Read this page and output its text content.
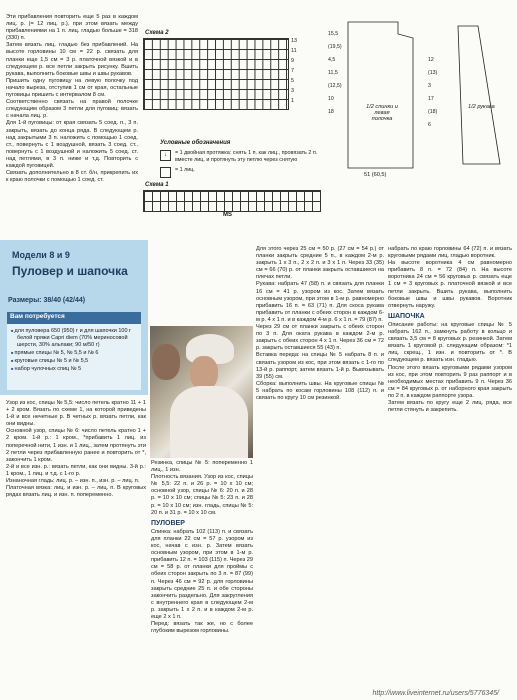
Эти прибавления повторить еще 5 раз в каждом лиц. р. (= 12 лиц. р.), при этом вязать между прибавлениями на 1 п. лиц. гладью больше = 318 (330) п.

Затем вязать лиц. гладью без прибавлений. На высоте горловины 10 см = 22 р. связать для планки еще 1,5 см = 3 р. платочной вязкой и в следующем р. все петли закрыть рисунку. Вшить рукава, выполнить боковые швы и швы рукавов.

Пришить одну пуговицу на левую полочку под начало выреза, отступив 1 см от края, остальные пуговицы пришить с интервалом 8 см.

Соответственно связать на правой полочке следующим образом 3 петли для пуговиц: вязать с начала лиц. р.

Для 1-й пуговицы: от края связать 5 соед. п., 3 п. закрыть, вязать до конца ряда. В следующем р. над закрытыми 3 п. наложить с помощью 1 соед. ст., повернуть с 1 воздушной, вязать 3 соед. ст., повернуть с 1 воздушной и наложить 5 соед. ст. над петлями, в 3 п. ниже и т.д. Повторить с каждой пуговицей.

Связать дополнительно в 8 ст. б/н, прикрепить их к краю полочки с помощью 1 соед. ст.

Схема 2
13
11
9
7
5
3
1
Условные обозначения
↓	= 1 двойная протяжка: снять 1 п. как лиц., провязать 2 п. вместе лиц. и протянуть эту петлю через снятую
= 1 лиц.
1/2 спинки и левая полочка
1/2 рукава
51 (60,5)
15,5
(19,5)
4,5
11,5
(12,5)
10
18
12
(13)
3
17
(18)
6
Схема 1
MS
Модели 8 и 9
Пуловер и шапочка
Размеры: 38/40 (42/44)
■ для пуловера 650 (950) г и для шапочки 100 г белой пряжи Capri diem (70% мериносовой шерсти, 30% альпаки; 90 м/50 г)
■ прямые спицы № 5, № 5,5 и № 6
■ круговые спицы № 5 и № 5,5
■ набор чулочных спиц № 5
Вам потребуется

Узор из кос, спицы № 5,5: число петель кратно 11 + 1 + 2 кром. Вязать по схеме 1, на которой приведены 1-й и все нечетные р. В четных р. вязать петли, как они видны.

Основной узор, спицы № 6: число петель кратно 1 + 2 кром. 1-й р.: 1 кром., *прибавить 1 лиц. из поперечной нити, 1 изн. и 1 лиц., затем протянуть эти 2 петли через прибавленную ранее и повторить от *, закончить 1 кром.

2-й и все изн. р.: вязать петли, как они видны. 3-й р.: 1 кром., 1 лиц. и т.д. с 1-го р.

Изнаночная гладь: лиц. р. – изн. п., изн. р. – лиц. п.

Платочная вязка: лиц. и изн. р. – лиц. п. В круговых рядах вязать лиц. и изн. п. попеременно.

Резинка, спицы № 5: попеременно 1 лиц., 1 изн.

Плотность вязания. Узор из кос, спицы № 5,5: 22 п. и 26 р. = 10 x 10 см; основной узор, спицы № 6: 20 п. и 28 р. = 10 x 10 см; спицы № 5: 23 п. и 28 р. = 10 x 10 см; изн. гладь, спицы № 5: 20 п. и 31 р. = 10 x 10 см.

ПУЛОВЕР

Спинка: набрать 102 (113) п. и связать для планки 22 см = 57 р. узором из кос, начав с изн. р. Затем вязать основным узором, при этом в 1-м р. прибавить 12 п. = 103 (115) п. Через 29 см = 58 р. от планки для проймы с обеих сторон закрыть по 3 п. = 87 (99) п. Через 46 см = 92 р. для горловины закрыть средние 25 п. и обе стороны закончить раздельно. Для закругления с внутреннего края в следующем 2-м р. закрыть 1 х 2 п. и в каждом 2-м р. еще 2 х 1 п.

Перед: вязать так же, но с более глубоким вырезом горловины.

Для этого через 25 см = 50 р. (27 см = 54 р.) от планки закрыть средние 5 п., в каждом 2-м р. закрыть 1 х 3 п., 2 х 2 п. и 3 х 1 п. Через 33 (35) см = 66 (70) р. от планки закрыть оставшиеся на плечах петли.

Рукава: набрать 47 (58) п. и связать для планки 16 см = 41 р. узором из кос. Затем вязать основным узором, при этом в 1-м р. равномерно прибавить 16 п. = 63 (71) п. Для скоса рукава прибавить от планки с обеих сторон в каждом 6-м р. 4 х 1 п. и в каждом 4-м р. 6 х 1 п. = 79 (87) п.

Через 29 см от планки закрыть с обеих сторон по 3 п. Для оката рукава в каждом 2-м р. закрыть с обеих сторон 4 х 1 п. Через 36 см = 72 р. закрыть оставшиеся 55 (43) п.

Вставка переда: на спицы № 5 набрать 8 п. и связать узором из кос, при этом вязать с 1-го по 13-й р. раппорт, затем вязать 1-й р. Вывязывать 39 (55) см.

Сборка: выполнить швы. На круговые спицы № 5 набрать по косам горловины 108 (112) п. и связать по кругу 10 см резинкой.

набрать по краю горловины 64 (72) п. и вязать круговыми рядами лиц. гладью воротник.

На высоте воротника 4 см равномерно прибавить 8 п. = 72 (84) п. На высоте воротника 24 см = 56 круговых р. связать еще 1 см = 3 круговых р. платочной вязкой и все петли закрыть. Вшить рукава, выполнить боковые швы и швы рукавов. Воротник отвернуть наружу.

ШАПОЧКА

Описание работы: на круговые спицы № 5 набрать 162 п., замкнуть работу в кольцо и связать 3,5 см = 8 круговых р. резинкой. Затем вязать 1 круговой р. следующим образом: *1 лиц. скрещ., 1 изн. и повторить от *. В следующем р. вязать изн. гладью.

После этого вязать круговыми рядами узором из кос, при этом повторить 9 раз раппорт и в необходимых местах прибавить 9 п. Через 36 см = 84 круговых р. от наборного края закрыть по 2 п. в каждом раппорте узора.

Затем вязать по кругу еще 2 лиц. ряда, все петли стянуть и закрепить.

http://www.liveinternet.ru/users/5776345/
